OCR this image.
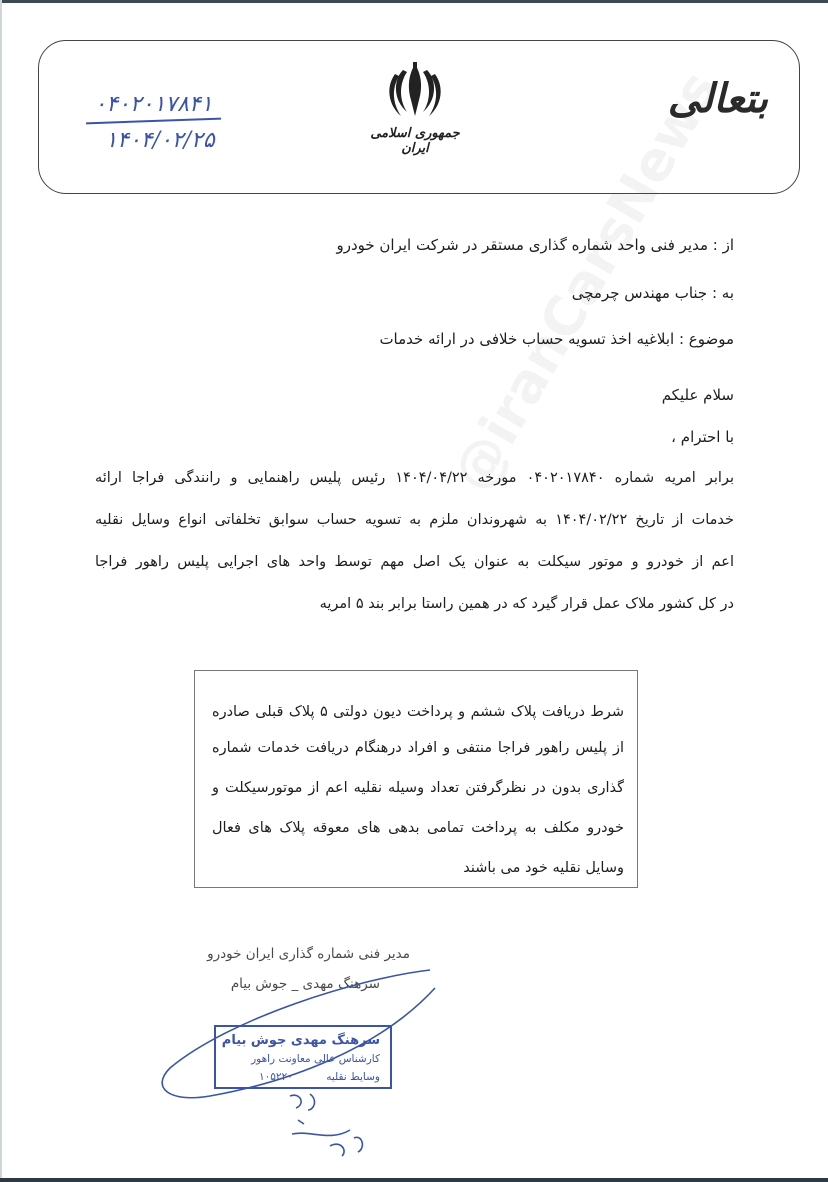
بتعالی
جمهوری اسلامی ایران
۰۴۰۲۰۱۷۸۴۱
۱۴۰۴/۰۲/۲۵
از : مدیر فنی واحد شماره گذاری مستقر در شرکت ایران خودرو
به : جناب مهندس چرمچی
موضوع : ابلاغیه اخذ تسویه حساب خلافی در ارائه خدمات
سلام علیکم
با احترام ،
برابر امریه شماره ۰۴۰۲۰۱۷۸۴۰ مورخه ۱۴۰۴/۰۴/۲۲ رئیس پلیس راهنمایی و رانندگی فراجا ارائه
خدمات از تاریخ ۱۴۰۴/۰۲/۲۲ به شهروندان ملزم به تسویه حساب سوابق تخلفاتی انواع وسایل نقلیه
اعم از خودرو و موتور سیکلت به عنوان یک اصل مهم توسط واحد های اجرایی پلیس راهور فراجا
در کل کشور ملاک عمل قرار گیرد که در همین راستا برابر بند ۵ امریه
شرط دریافت پلاک ششم و پرداخت دیون دولتی ۵ پلاک قبلی صادره
از پلیس راهور فراجا منتفی و افراد درهنگام دریافت خدمات شماره
گذاری بدون در نظرگرفتن تعداد وسیله نقلیه اعم از موتورسیکلت و
خودرو مکلف به پرداخت تمامی بدهی های معوقه پلاک های فعال
وسایل نقلیه خود می باشند
مدیر فنی شماره گذاری ایران خودرو
سرهنگ مهدی _ جوش بیام
سرهنگ مهدی جوش بیام
کارشناس عالی معاونت راهور
وسایط نقلیه ۱۰۵۲۲۰
